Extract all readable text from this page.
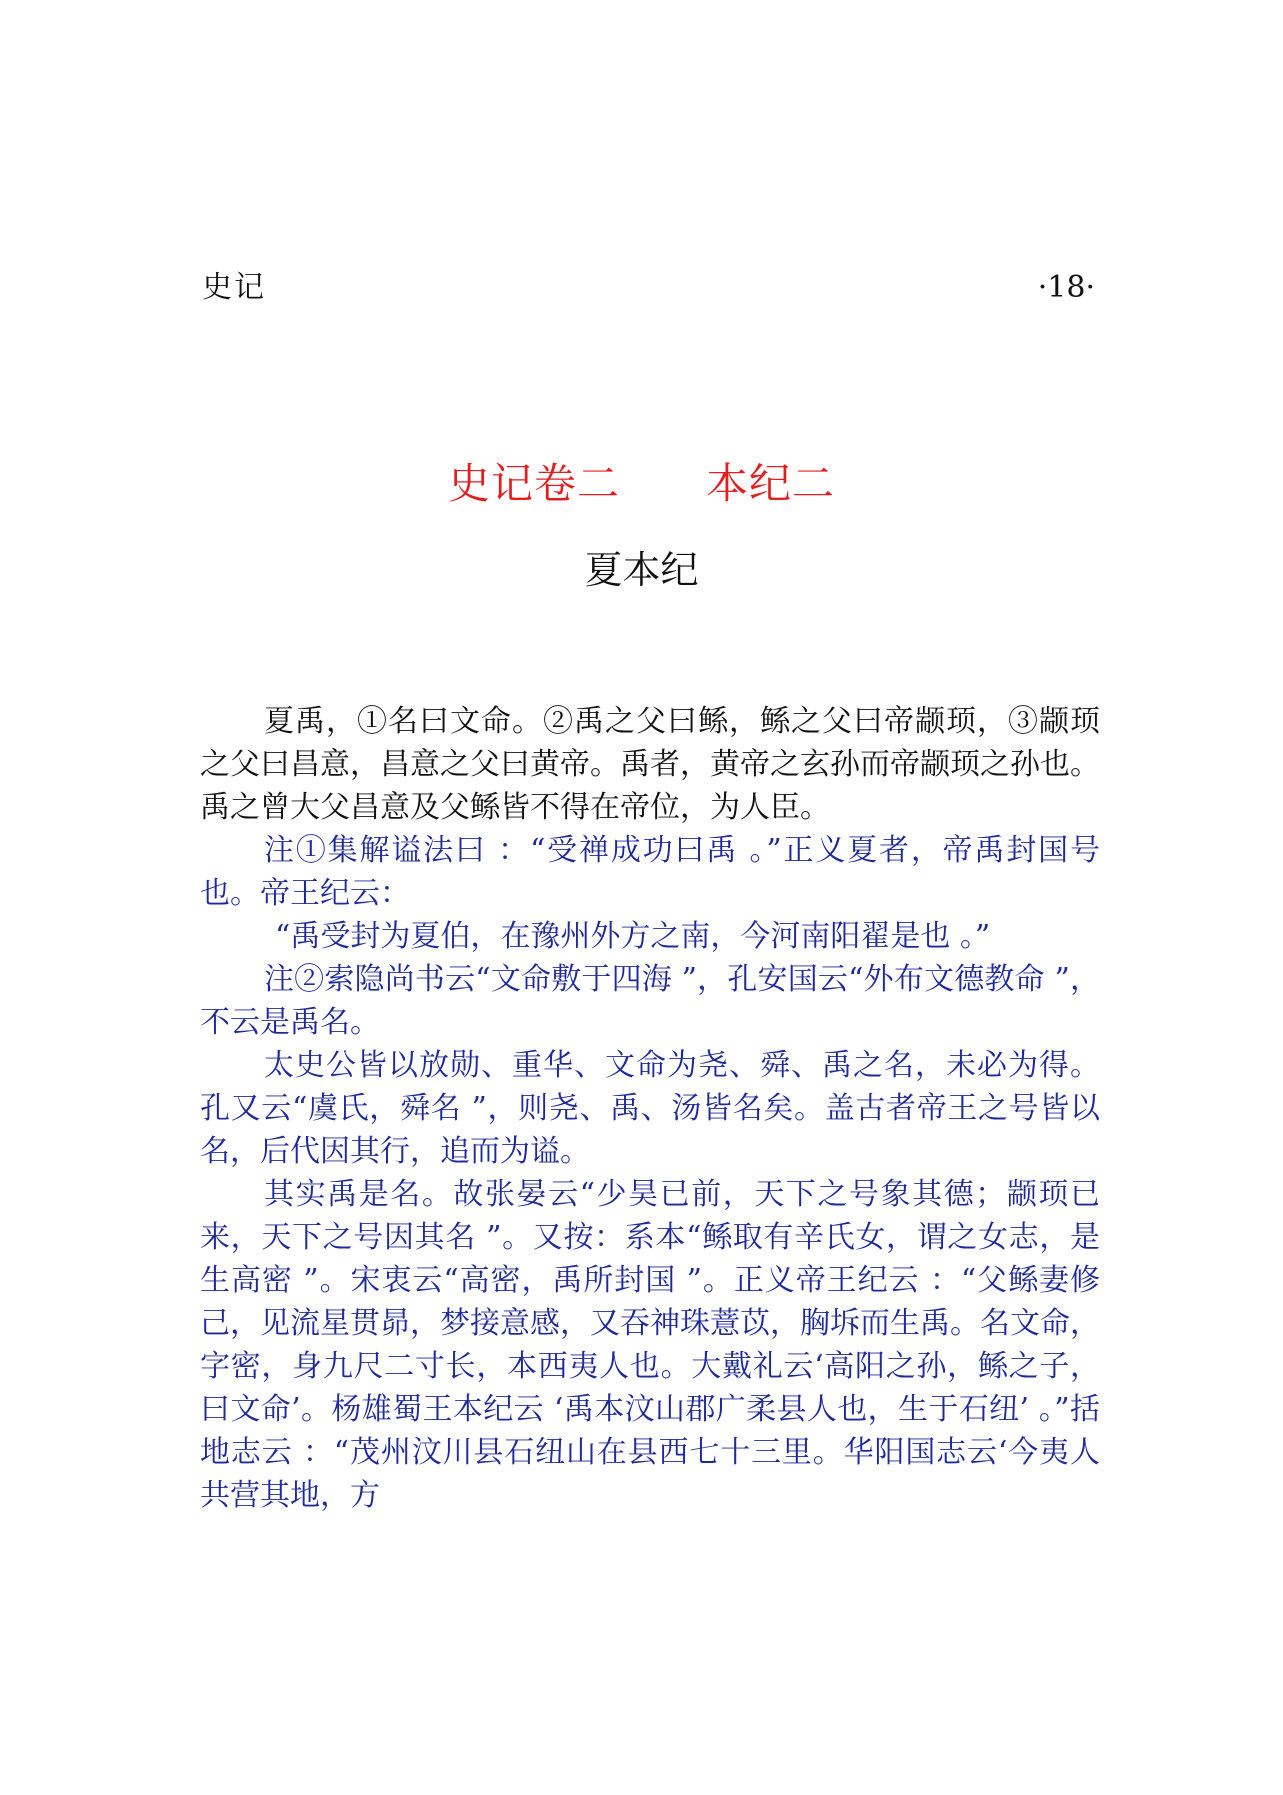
史记	·18·
史记卷二 本纪二
夏本纪

夏禹，①名曰文命。②禹之父曰鲧，鲧之父曰帝颛顼，③颛顼之父曰昌意，昌意之父曰黄帝。禹者，黄帝之玄孙而帝颛顼之孙也。禹之曾大父昌意及父鲧皆不得在帝位，为人臣。

注①集解谥法曰 ：“受禅成功曰禹 。”正义夏者，帝禹封国号也。帝王纪云：

“禹受封为夏伯，在豫州外方之南，今河南阳翟是也 。”

注②索隐尚书云“文命敷于四海 ”，孔安国云“外布文德教命 ”，不云是禹名。

太史公皆以放勋、重华、文命为尧、舜、禹之名，未必为得。孔又云“虞氏，舜名 ”，则尧、禹、汤皆名矣。盖古者帝王之号皆以名，后代因其行，追而为谥。

其实禹是名。故张晏云“少昊已前，天下之号象其德；颛顼已来，天下之号因其名 ”。又按：系本“鲧取有辛氏女，谓之女志，是生高密 ”。宋衷云“高密，禹所封国 ”。正义帝王纪云 ：“父鲧妻修己，见流星贯昴，梦接意感，又吞神珠薏苡，胸坼而生禹。名文命，字密，身九尺二寸长，本西夷人也。大戴礼云‘高阳之孙，鲧之子，曰文命’。杨雄蜀王本纪云 ‘禹本汶山郡广柔县人也，生于石纽’ 。”括地志云 ：“茂州汶川县石纽山在县西七十三里。华阳国志云‘今夷人共营其地，方
